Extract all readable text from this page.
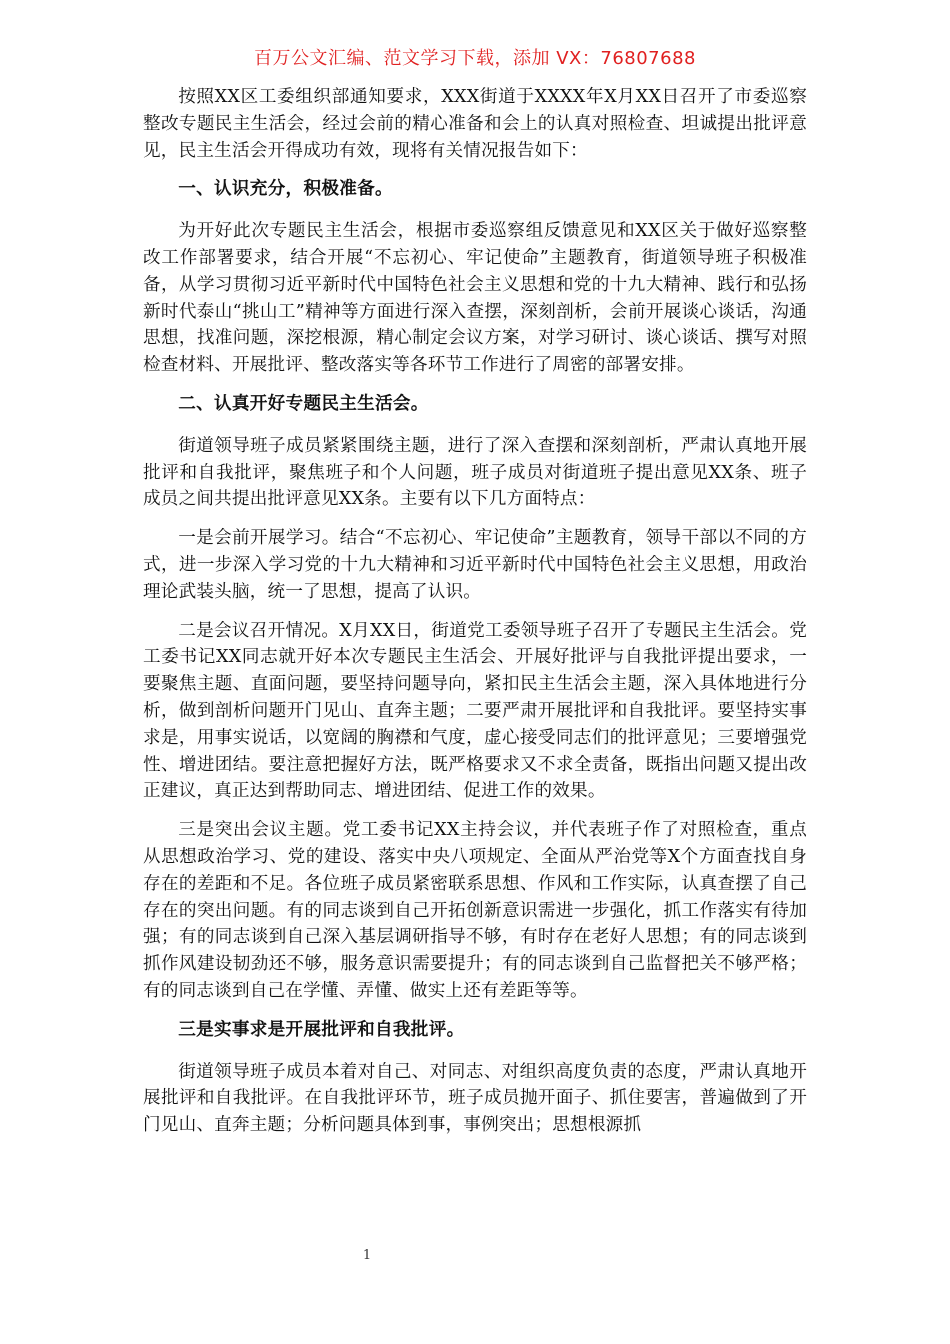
百万公文汇编、范文学习下载，添加 VX：76807688

按照XX区工委组织部通知要求，XXX街道于XXXX年X月XX日召开了市委巡察整改专题民主生活会，经过会前的精心准备和会上的认真对照检查、坦诚提出批评意见，民主生活会开得成功有效，现将有关情况报告如下：

一、认识充分，积极准备。

为开好此次专题民主生活会，根据市委巡察组反馈意见和XX区关于做好巡察整改工作部署要求，结合开展“不忘初心、牢记使命”主题教育，街道领导班子积极准备，从学习贯彻习近平新时代中国特色社会主义思想和党的十九大精神、践行和弘扬新时代泰山“挑山工”精神等方面进行深入查摆，深刻剖析，会前开展谈心谈话，沟通思想，找准问题，深挖根源，精心制定会议方案，对学习研讨、谈心谈话、撰写对照检查材料、开展批评、整改落实等各环节工作进行了周密的部署安排。

二、认真开好专题民主生活会。

街道领导班子成员紧紧围绕主题，进行了深入查摆和深刻剖析，严肃认真地开展批评和自我批评，聚焦班子和个人问题，班子成员对街道班子提出意见XX条、班子成员之间共提出批评意见XX条。主要有以下几方面特点：

一是会前开展学习。结合“不忘初心、牢记使命”主题教育，领导干部以不同的方式，进一步深入学习党的十九大精神和习近平新时代中国特色社会主义思想，用政治理论武装头脑，统一了思想，提高了认识。

二是会议召开情况。X月XX日，街道党工委领导班子召开了专题民主生活会。党工委书记XX同志就开好本次专题民主生活会、开展好批评与自我批评提出要求，一要聚焦主题、直面问题，要坚持问题导向，紧扣民主生活会主题，深入具体地进行分析，做到剖析问题开门见山、直奔主题；二要严肃开展批评和自我批评。要坚持实事求是，用事实说话，以宽阔的胸襟和气度，虚心接受同志们的批评意见；三要增强党性、增进团结。要注意把握好方法，既严格要求又不求全责备，既指出问题又提出改正建议，真正达到帮助同志、增进团结、促进工作的效果。

三是突出会议主题。党工委书记XX主持会议，并代表班子作了对照检查，重点从思想政治学习、党的建设、落实中央八项规定、全面从严治党等X个方面查找自身存在的差距和不足。各位班子成员紧密联系思想、作风和工作实际，认真查摆了自己存在的突出问题。有的同志谈到自己开拓创新意识需进一步强化，抓工作落实有待加强；有的同志谈到自己深入基层调研指导不够，有时存在老好人思想；有的同志谈到抓作风建设韧劲还不够，服务意识需要提升；有的同志谈到自己监督把关不够严格；有的同志谈到自己在学懂、弄懂、做实上还有差距等等。

三是实事求是开展批评和自我批评。

街道领导班子成员本着对自己、对同志、对组织高度负责的态度，严肃认真地开展批评和自我批评。在自我批评环节，班子成员抛开面子、抓住要害，普遍做到了开门见山、直奔主题；分析问题具体到事，事例突出；思想根源抓

1
